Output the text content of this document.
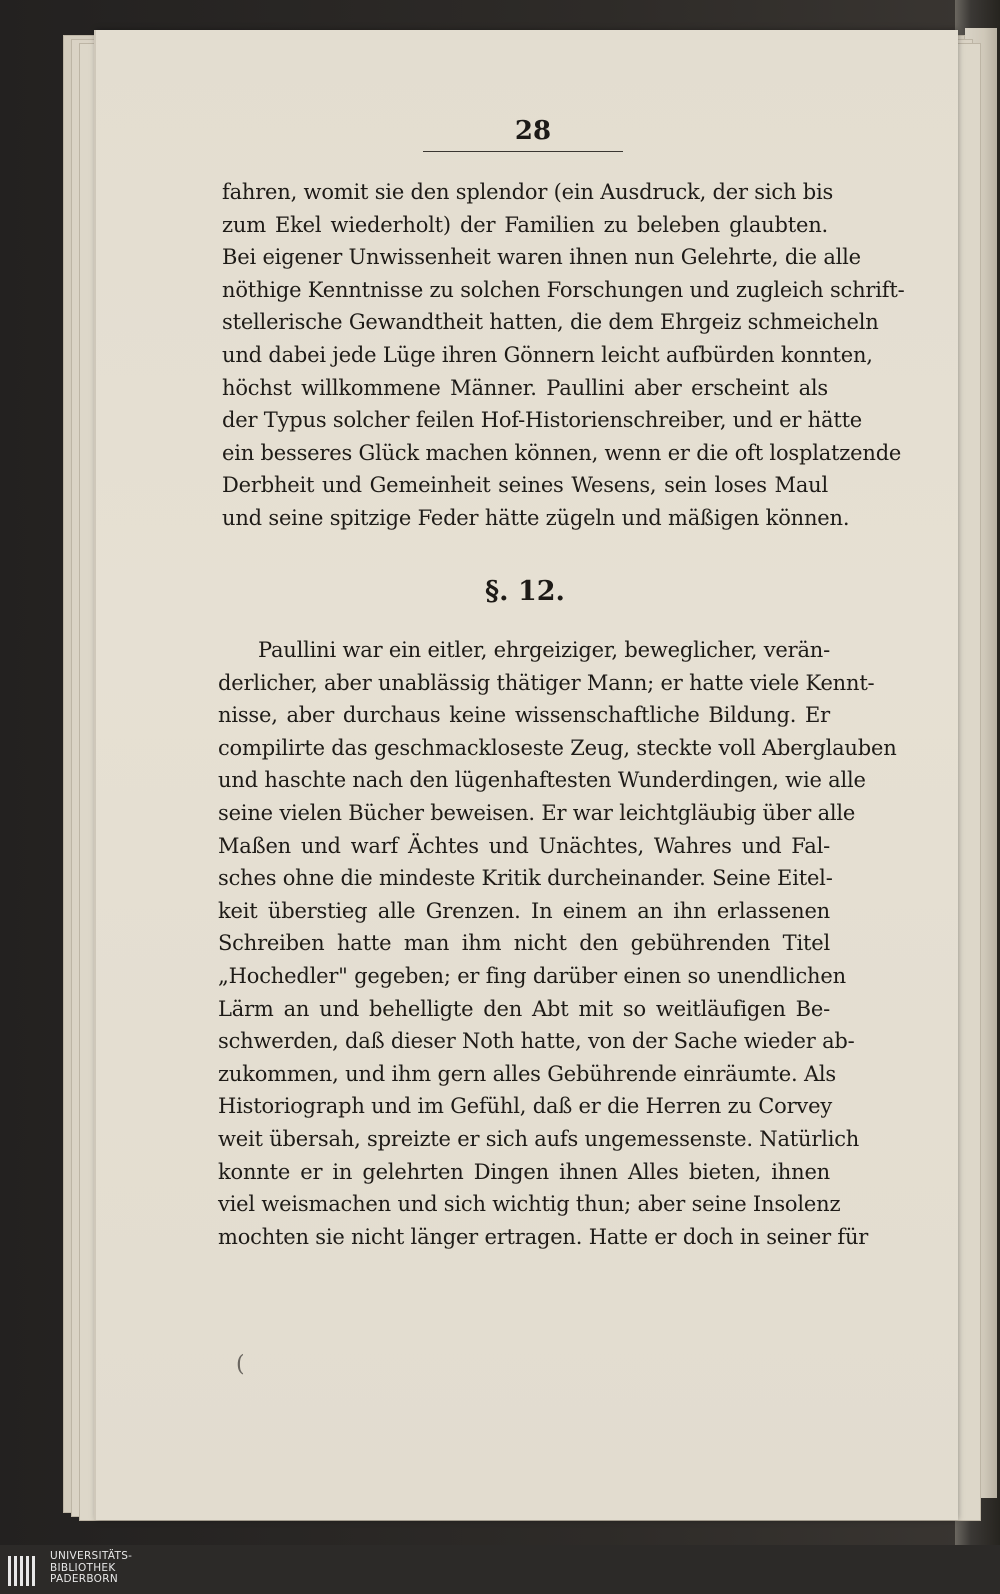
28
fahren, womit sie den splendor (ein Ausdruck, der sich bis
zum Ekel wiederholt) der Familien zu beleben glaubten.
Bei eigener Unwissenheit waren ihnen nun Gelehrte, die alle
nöthige Kenntnisse zu solchen Forschungen und zugleich schrift-
stellerische Gewandtheit hatten, die dem Ehrgeiz schmeicheln
und dabei jede Lüge ihren Gönnern leicht aufbürden konnten,
höchst willkommene Männer. Paullini aber erscheint als
der Typus solcher feilen Hof-Historienschreiber, und er hätte
ein besseres Glück machen können, wenn er die oft losplatzende
Derbheit und Gemeinheit seines Wesens, sein loses Maul
und seine spitzige Feder hätte zügeln und mäßigen können.
§. 12.
Paullini war ein eitler, ehrgeiziger, beweglicher, verän-
derlicher, aber unablässig thätiger Mann; er hatte viele Kennt-
nisse, aber durchaus keine wissenschaftliche Bildung. Er
compilirte das geschmackloseste Zeug, steckte voll Aberglauben
und haschte nach den lügenhaftesten Wunderdingen, wie alle
seine vielen Bücher beweisen. Er war leichtgläubig über alle
Maßen und warf Ächtes und Unächtes, Wahres und Fal-
sches ohne die mindeste Kritik durcheinander. Seine Eitel-
keit überstieg alle Grenzen. In einem an ihn erlassenen
Schreiben hatte man ihm nicht den gebührenden Titel
„Hochedler" gegeben; er fing darüber einen so unendlichen
Lärm an und behelligte den Abt mit so weitläufigen Be-
schwerden, daß dieser Noth hatte, von der Sache wieder ab-
zukommen, und ihm gern alles Gebührende einräumte. Als
Historiograph und im Gefühl, daß er die Herren zu Corvey
weit übersah, spreizte er sich aufs ungemessenste. Natürlich
konnte er in gelehrten Dingen ihnen Alles bieten, ihnen
viel weismachen und sich wichtig thun; aber seine Insolenz
mochten sie nicht länger ertragen. Hatte er doch in seiner für
(
UNIVERSITÄTS-
BIBLIOTHEK
PADERBORN
